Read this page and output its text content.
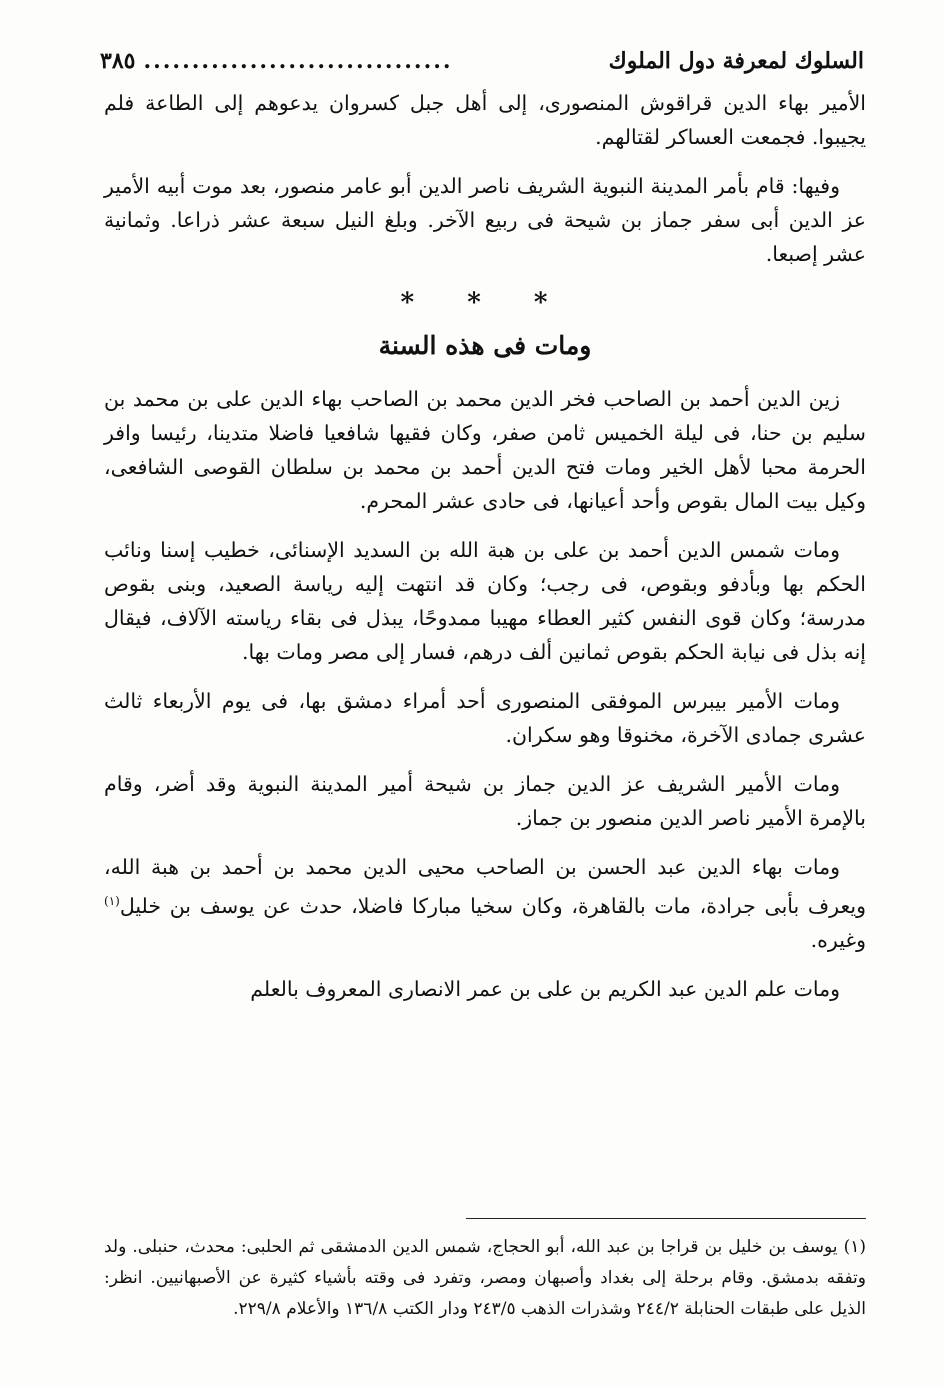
السلوك لمعرفة دول الملوك
................................
٣٨٥

الأمير بهاء الدين قراقوش المنصورى، إلى أهل جبل كسروان يدعوهم إلى الطاعة فلم يجيبوا. فجمعت العساكر لقتالهم.

وفيها: قام بأمر المدينة النبوية الشريف ناصر الدين أبو عامر منصور، بعد موت أبيه الأمير عز الدين أبى سفر جماز بن شيحة فى ربيع الآخر. وبلغ النيل سبعة عشر ذراعا. وثمانية عشر إصبعا.

* * *
ومات فى هذه السنة

زين الدين أحمد بن الصاحب فخر الدين محمد بن الصاحب بهاء الدين على بن محمد بن سليم بن حنا، فى ليلة الخميس ثامن صفر، وكان فقيها شافعيا فاضلا متدينا، رئيسا وافر الحرمة محبا لأهل الخير ومات فتح الدين أحمد بن محمد بن سلطان القوصى الشافعى، وكيل بيت المال بقوص وأحد أعيانها، فى حادى عشر المحرم.

ومات شمس الدين أحمد بن على بن هبة الله بن السديد الإسنائى، خطيب إسنا ونائب الحكم بها وبأدفو وبقوص، فى رجب؛ وكان قد انتهت إليه رياسة الصعيد، وبنى بقوص مدرسة؛ وكان قوى النفس كثير العطاء مهيبا ممدوحًا، يبذل فى بقاء رياسته الآلاف، فيقال إنه بذل فى نيابة الحكم بقوص ثمانين ألف درهم، فسار إلى مصر ومات بها.

ومات الأمير بيبرس الموفقى المنصورى أحد أمراء دمشق بها، فى يوم الأربعاء ثالث عشرى جمادى الآخرة، مخنوقا وهو سكران.

ومات الأمير الشريف عز الدين جماز بن شيحة أمير المدينة النبوية وقد أضر، وقام بالإمرة الأمير ناصر الدين منصور بن جماز.

ومات بهاء الدين عبد الحسن بن الصاحب محيى الدين محمد بن أحمد بن هبة الله، ويعرف بأبى جرادة، مات بالقاهرة، وكان سخيا مباركا فاضلا، حدث عن يوسف بن خليل$^{(١)}$ وغيره.

ومات علم الدين عبد الكريم بن على بن عمر الانصارى المعروف بالعلم

(١) يوسف بن خليل بن قراجا بن عبد الله، أبو الحجاج، شمس الدين الدمشقى ثم الحلبى: محدث، حنبلى. ولد وتفقه بدمشق. وقام برحلة إلى بغداد وأصبهان ومصر، وتفرد فى وقته بأشياء كثيرة عن الأصبهانيين. انظر: الذيل على طبقات الحنابلة ٢٤٤/٢ وشذرات الذهب ٢٤٣/٥ ودار الكتب ١٣٦/٨ والأعلام ٢٢٩/٨.
